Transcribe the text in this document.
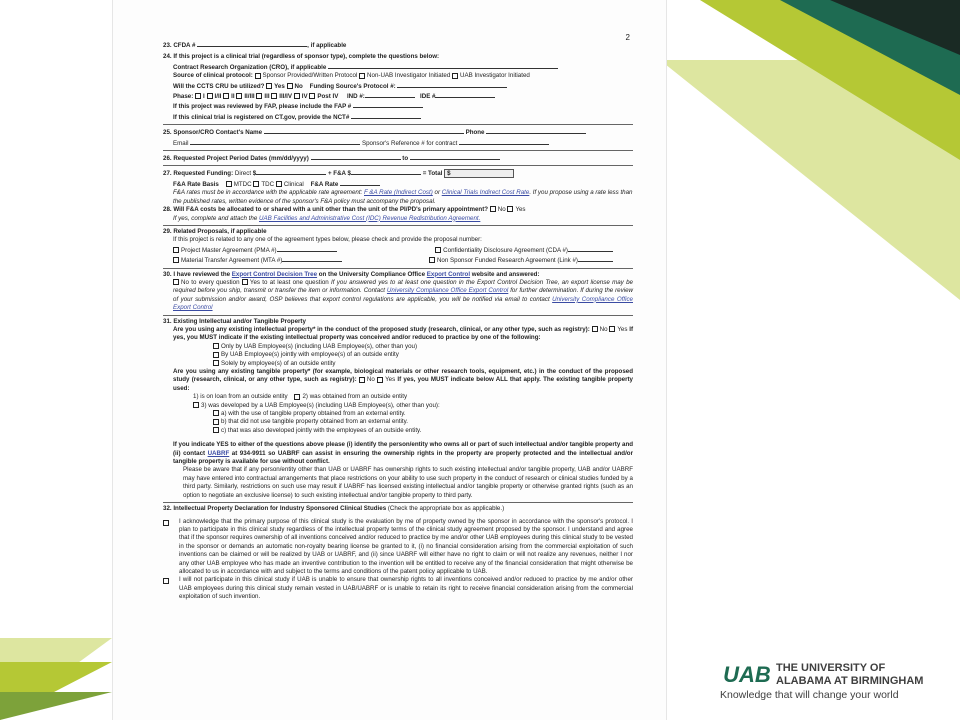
2
23. CFDA #	, if applicable
24. If this project is a clinical trial (regardless of sponsor type), complete the questions below:
Contract Research Organization (CRO), if applicable
Source of clinical protocol: Sponsor Provided/Written Protocol Non-UAB Investigator Initiated UAB Investigator Initiated
Will the CCTS CRU be utilized? Yes No Funding Source's Protocol #:
Phase: I I/II II II/III III III/IV IV Post IV IND #:	IDE #
If this project was reviewed by FAP, please include the FAP #
If this clinical trial is registered on CT.gov, provide the NCT#
25. Sponsor/CRO Contact's Name	Phone
Email	Sponsor's Reference # for contract
26. Requested Project Period Dates (mm/dd/yyyy)	to
27. Requested Funding: Direct $	+ F&A $	= Total $
F&A Rate Basis MTDC TDC Clinical F&A Rate
F&A rates must be in accordance with the applicable rate agreement: F &A Rate (Indirect Cost) or Clinical Trials Indirect Cost Rate. If you propose using a rate less than the published rates, written evidence of the sponsor's F&A policy must accompany the proposal.
28. Will F&A costs be allocated to or shared with a unit other than the unit of the PI/PD's primary appointment? No Yes
If yes, complete and attach the UAB Facilities and Administrative Cost (IDC) Revenue Redistribution Agreement.
29. Related Proposals, if applicable
If this project is related to any one of the agreement types below, please check and provide the proposal number:
Project Master Agreement (PMA #)	Confidentiality Disclosure Agreement (CDA #)
Material Transfer Agreement (MTA #)	Non Sponsor Funded Research Agreement (Link #)
30. I have reviewed the Export Control Decision Tree on the University Compliance Office Export Control website and answered:
No to every question Yes to at least one question If you answered yes to at least one question in the Export Control Decision Tree, an export license may be required before you ship, transmit or transfer the item or information. Contact University Compliance Office Export Control for further determination. If during the review of your submission and/or award, OSP believes that export control regulations are applicable, you will be notified via email to contact University Compliance Office Export Control
31. Existing Intellectual and/or Tangible Property
Are you using any existing intellectual property* in the conduct of the proposed study (research, clinical, or any other type, such as registry): No Yes If yes, you MUST indicate if the existing intellectual property was conceived and/or reduced to practice by one of the following:
Only by UAB Employee(s) (including UAB Employee(s), other than you)
By UAB Employee(s) jointly with employee(s) of an outside entity
Solely by employee(s) of an outside entity
Are you using any existing tangible property* (for example, biological materials or other research tools, equipment, etc.) in the conduct of the proposed study (research, clinical, or any other type, such as registry): No Yes If yes, you MUST indicate below ALL that apply. The existing tangible property used:
1) is on loan from an outside entity 2) was obtained from an outside entity
3) was developed by a UAB Employee(s) (including UAB Employee(s), other than you):
a) with the use of tangible property obtained from an external entity.
b) that did not use tangible property obtained from an external entity.
c) that was also developed jointly with the employees of an outside entity.
If you indicate YES to either of the questions above please (i) identify the person/entity who owns all or part of such intellectual and/or tangible property and (ii) contact UABRF at 934-9911 so UABRF can assist in ensuring the ownership rights in the property are properly protected and the intellectual and/or tangible property is available for use without conflict.
Please be aware that if any person/entity other than UAB or UABRF has ownership rights to such existing intellectual and/or tangible property, UAB and/or UABRF may have entered into contractual arrangements that place restrictions on your ability to use such property in the conduct of research or clinical studies funded by a third party. Similarly, restrictions on such use may result if UABRF has licensed existing intellectual and/or tangible property or otherwise granted rights (such as an option to negotiate an exclusive license) to such existing intellectual and/or tangible property to third party.
32. Intellectual Property Declaration for Industry Sponsored Clinical Studies (Check the appropriate box as applicable.)
I acknowledge that the primary purpose of this clinical study is the evaluation by me of property owned by the sponsor in accordance with the sponsor's protocol. I plan to participate in this clinical study regardless of the intellectual property terms of the clinical study agreement proposed by the sponsor. I understand and agree that if the sponsor requires ownership of all inventions conceived and/or reduced to practice by me and/or other UAB employees during this clinical study to be vested in the sponsor or demands an automatic non-royalty bearing license be granted to it, (i) no financial consideration arising from the commercial exploitation of such inventions can be claimed or will be realized by UAB or UABRF, and (ii) since UABRF will either have no right to claim or will not realize any revenues, neither I nor any other UAB employee who has made an inventive contribution to the invention will be entitled to receive any of the financial consideration that might otherwise be allocated to us in accordance with and subject to the terms and conditions of the patent policy applicable to UAB.
I will not participate in this clinical study if UAB is unable to ensure that ownership rights to all inventions conceived and/or reduced to practice by me and/or other UAB employees during this clinical study remain vested in UAB/UABRF or is unable to retain its right to receive financial consideration arising from the commercial exploitation of such invention.
UAB THE UNIVERSITY OF
ALABAMA AT BIRMINGHAM
Knowledge that will change your world
